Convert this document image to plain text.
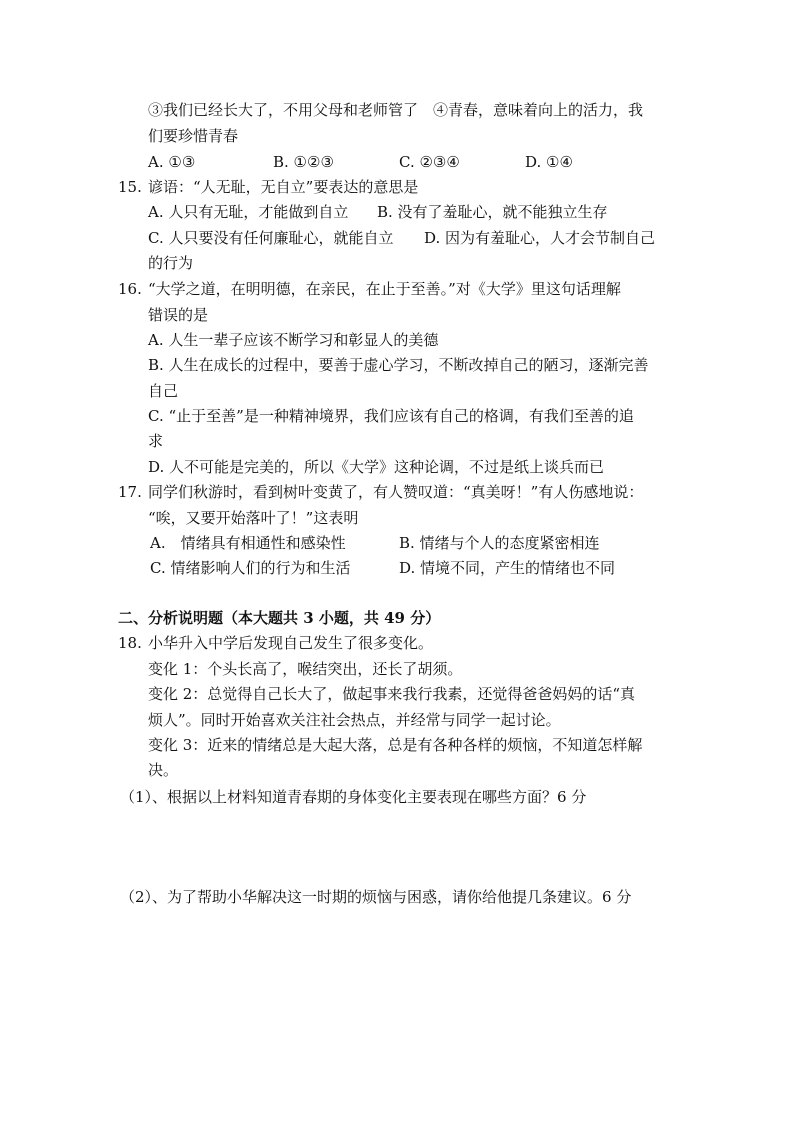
③我们已经长大了，不用父母和老师管了　④青春，意味着向上的活力，我
们要珍惜青春
A. ①③	B. ①②③	C. ②③④	D. ①④
15. 谚语：“人无耻，无自立”要表达的意思是
A. 人只有无耻，才能做到自立 B. 没有了羞耻心，就不能独立生存
C. 人只要没有任何廉耻心，就能自立 D. 因为有羞耻心，人才会节制自己
的行为
16. “大学之道，在明明德，在亲民，在止于至善。”对《大学》里这句话理解
错误的是
A. 人生一辈子应该不断学习和彰显人的美德
B. 人生在成长的过程中，要善于虚心学习，不断改掉自己的陋习，逐渐完善
自己
C. “止于至善”是一种精神境界，我们应该有自己的格调，有我们至善的追
求
D. 人不可能是完美的，所以《大学》这种论调，不过是纸上谈兵而已
17. 同学们秋游时，看到树叶变黄了，有人赞叹道：“真美呀！”有人伤感地说：
“唉，又要开始落叶了！”这表明
A.　情绪具有相通性和感染性	B. 情绪与个人的态度紧密相连
C. 情绪影响人们的行为和生活	D. 情境不同，产生的情绪也不同
二、分析说明题（本大题共 3 小题，共 49 分）
18. 小华升入中学后发现自己发生了很多变化。
变化 1：个头长高了，喉结突出，还长了胡须。
变化 2：总觉得自己长大了，做起事来我行我素，还觉得爸爸妈妈的话“真
烦人”。同时开始喜欢关注社会热点，并经常与同学一起讨论。
变化 3：近来的情绪总是大起大落，总是有各种各样的烦恼，不知道怎样解
决。
（1）、根据以上材料知道青春期的身体变化主要表现在哪些方面？6 分
（2）、为了帮助小华解决这一时期的烦恼与困惑，请你给他提几条建议。6 分
